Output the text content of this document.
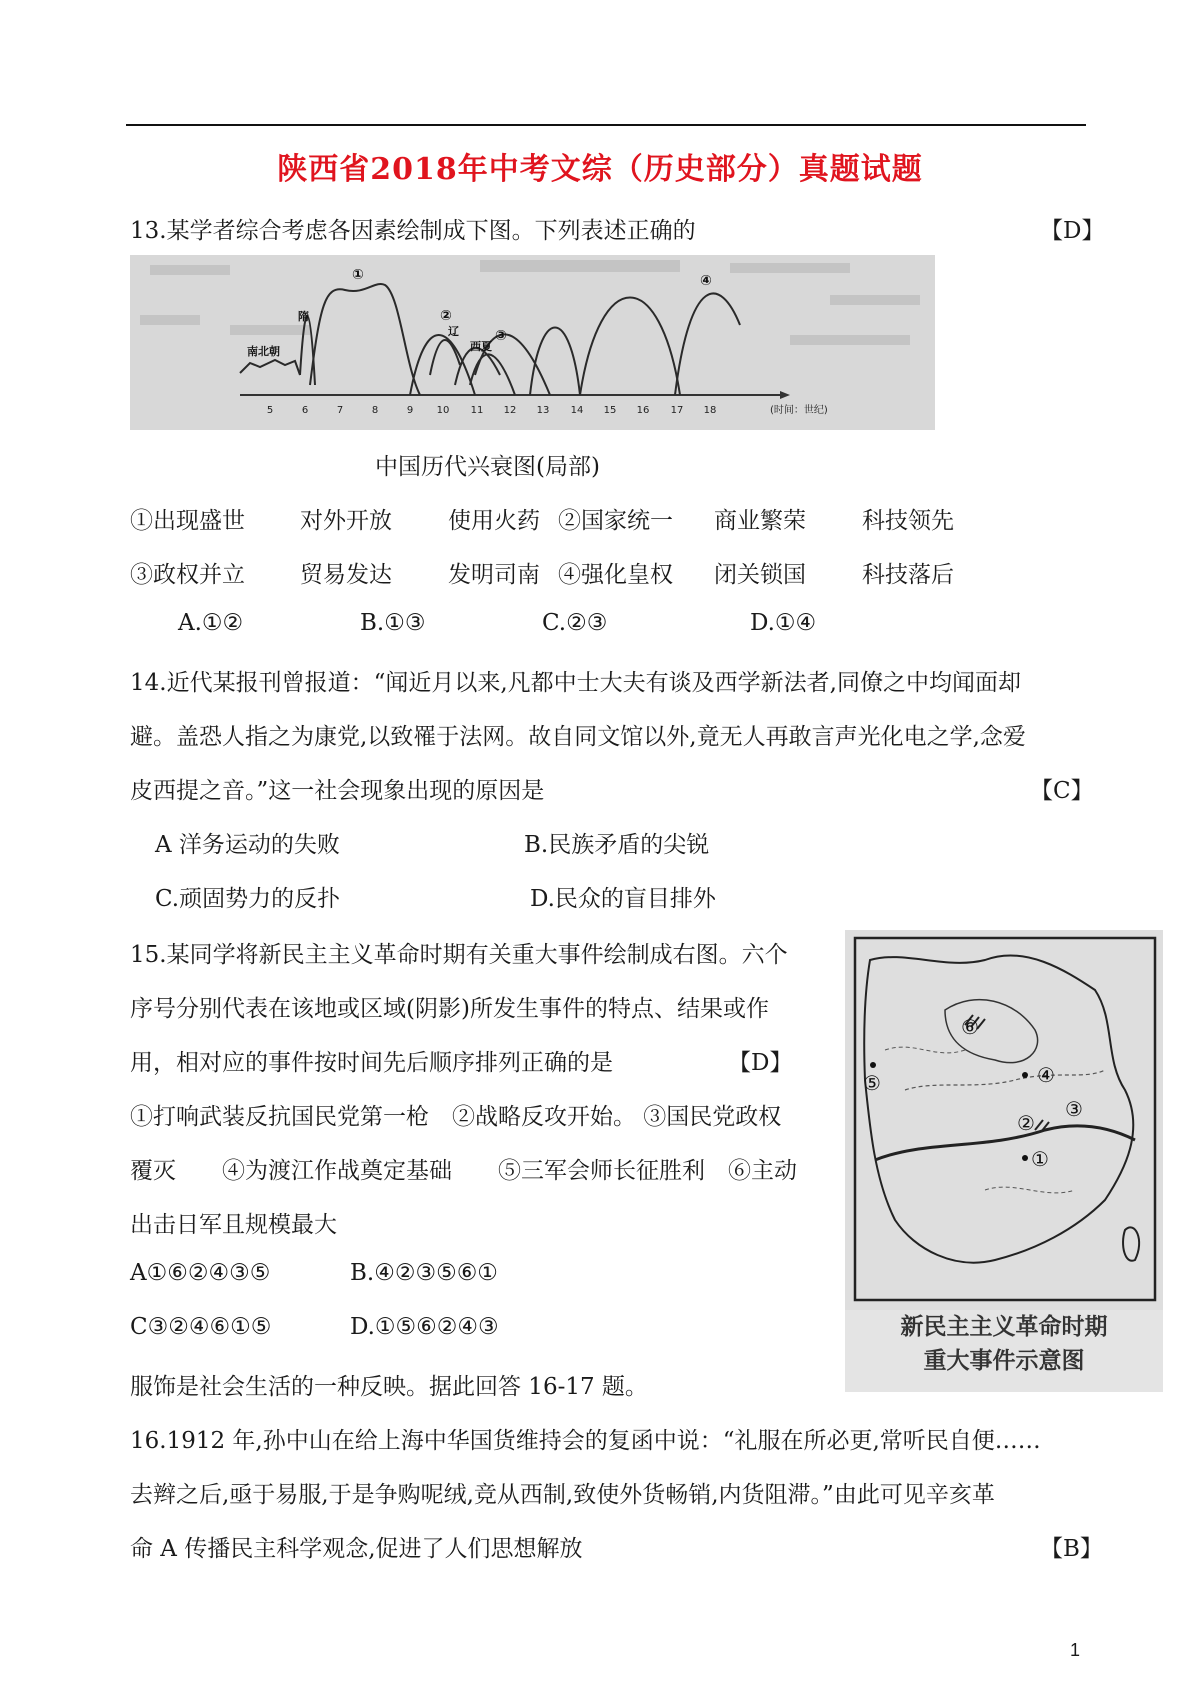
陕西省2018年中考文综（历史部分）真题试题
13.某学者综合考虑各因素绘制成下图。下列表述正确的	【D】
5	6	7	8	9 10 11 12 13 14 15 16 17 18	(时间：世纪)
南北朝
隋
辽
西夏
①
②
③
④
中国历代兴衰图(局部)
①出现盛世 对外开放 使用火药 ②国家统一 商业繁荣 科技领先
③政权并立 贸易发达 发明司南 ④强化皇权 闭关锁国 科技落后
A.①②	B.①③	C.②③	D.①④
14.近代某报刊曾报道：“闻近月以来,凡都中士大夫有谈及西学新法者,同僚之中均闻面却
避。盖恐人指之为康党,以致罹于法网。故自同文馆以外,竟无人再敢言声光化电之学,念爱
皮西提之音。”这一社会现象出现的原因是	【C】
A 洋务运动的失败	B.民族矛盾的尖锐
C.顽固势力的反扑	D.民众的盲目排外
15.某同学将新民主主义革命时期有关重大事件绘制成右图。六个
序号分别代表在该地或区域(阴影)所发生事件的特点、结果或作
用，相对应的事件按时间先后顺序排列正确的是	【D】
①打响武装反抗国民党第一枪　②战略反攻开始。 ③国民党政权
覆灭　　④为渡江作战奠定基础　　⑤三军会师长征胜利　⑥主动
出击日军且规模最大
A①⑥②④③⑤	B.④②③⑤⑥①
C③②④⑥①⑤	D.①⑤⑥②④③
①
②
③
④
⑤
⑥
新民主主义革命时期
重大事件示意图
服饰是社会生活的一种反映。据此回答 16-17 题。
16.1912 年,孙中山在给上海中华国货维持会的复函中说：“礼服在所必更,常听民自便……
去辫之后,亟于易服,于是争购呢绒,竞从西制,致使外货畅销,内货阻滞。”由此可见辛亥革
命 A 传播民主科学观念,促进了人们思想解放	【B】
1
